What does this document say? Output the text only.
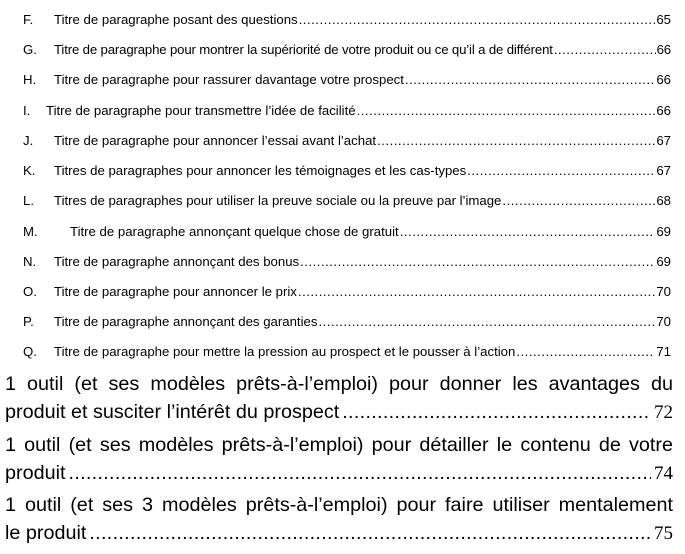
F. Titre de paragraphe posant des questions .....	65
G. Titre de paragraphe pour montrer la supériorité de votre produit ou ce qu’il a de différent .....	66
H. Titre de paragraphe pour rassurer davantage votre prospect .....	66
I. Titre de paragraphe pour transmettre l’idée de facilité .....	66
J. Titre de paragraphe pour annoncer l’essai avant l’achat .....	67
K. Titres de paragraphes pour annoncer les témoignages et les cas-types .....	67
L. Titres de paragraphes pour utiliser la preuve sociale ou la preuve par l’image .....	68
M. Titre de paragraphe annonçant quelque chose de gratuit .....	69
N. Titre de paragraphe annonçant des bonus .....	69
O. Titre de paragraphe pour annoncer le prix .....	70
P. Titre de paragraphe annonçant des garanties .....	70
Q. Titre de paragraphe pour mettre la pression au prospect et le pousser à l’action .....	71
1 outil (et ses modèles prêts-à-l’emploi) pour donner les avantages du
produit et susciter l’intérêt du prospect .....	72
1 outil (et ses modèles prêts-à-l’emploi) pour détailler le contenu de votre
produit .....	74
1 outil (et ses 3 modèles prêts-à-l’emploi) pour faire utiliser mentalement
le produit .....	75
